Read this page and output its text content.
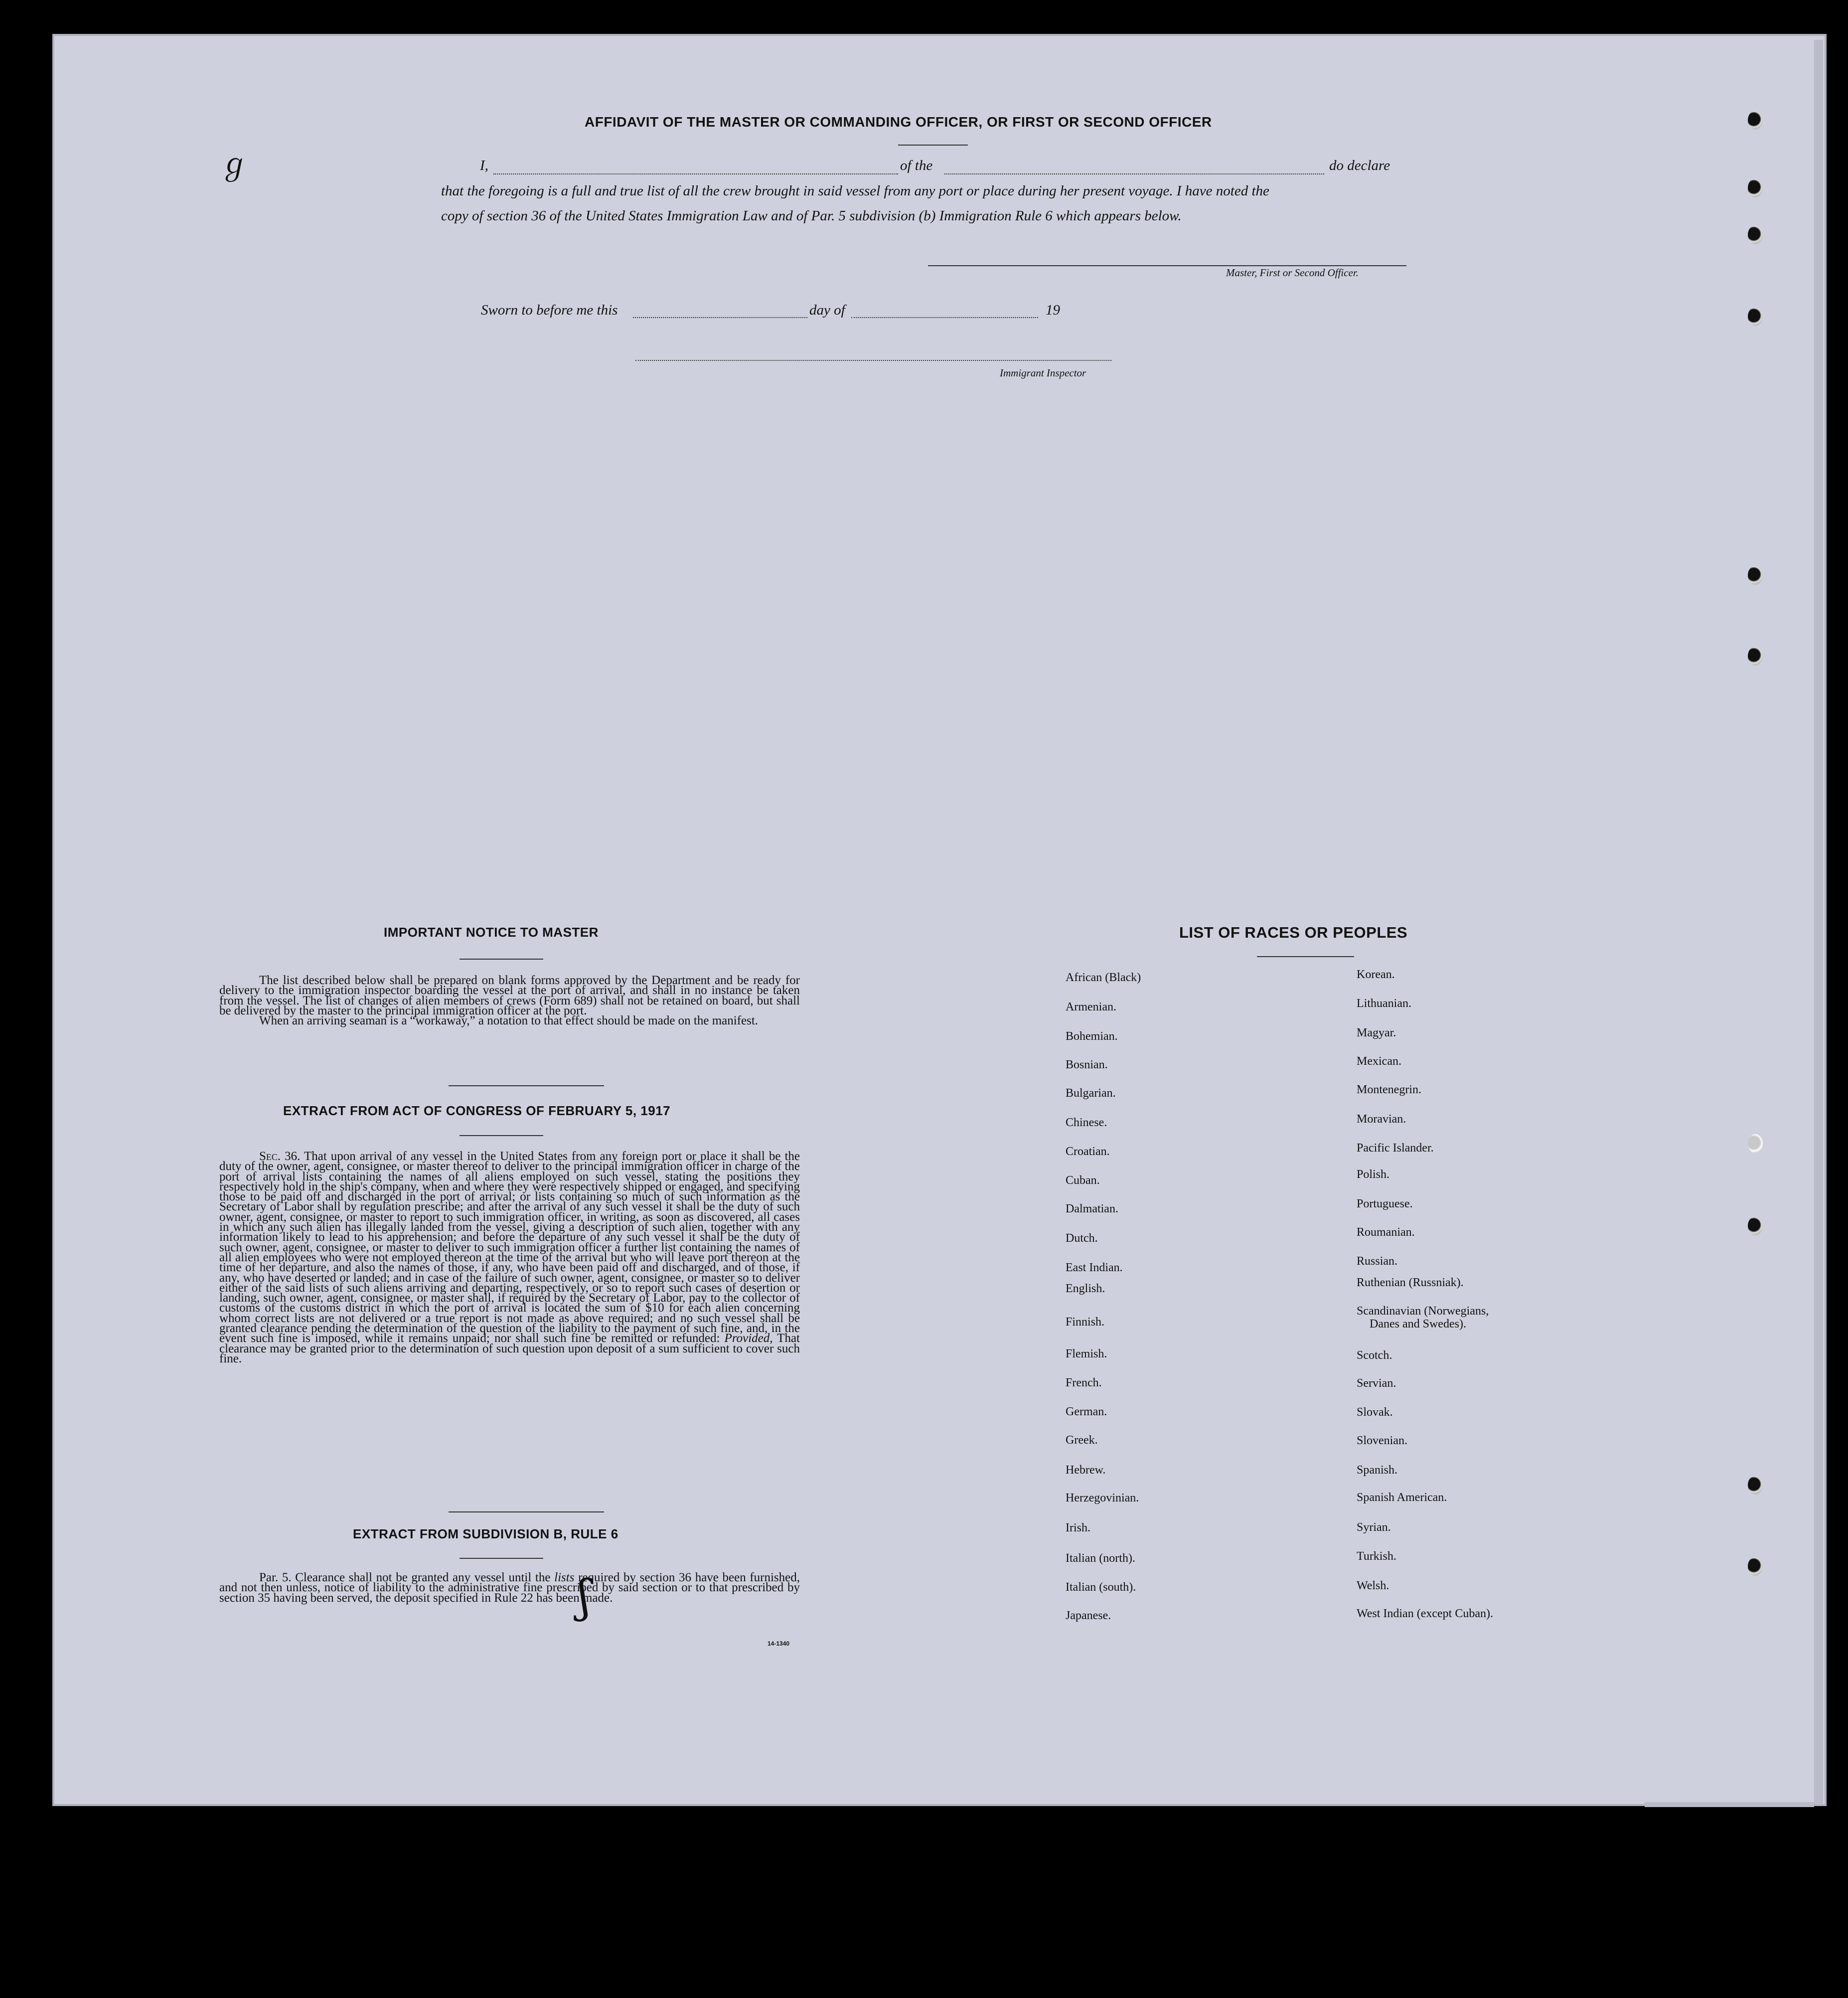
ℊ
AFFIDAVIT OF THE MASTER OR COMMANDING OFFICER, OR FIRST OR SECOND OFFICER
I,	of the	do declare
that the foregoing is a full and true list of all the crew brought in said vessel from any port or place during her present voyage. I have noted the
copy of section 36 of the United States Immigration Law and of Par. 5 subdivision (b) Immigration Rule 6 which appears below.
Master, First or Second Officer.
Sworn to before me this	day of	19
Immigrant Inspector
IMPORTANT NOTICE TO MASTER

The list described below shall be prepared on blank forms approved by the Department and be ready for delivery to the immigration inspector boarding the vessel at the port of arrival, and shall in no instance be taken from the vessel. The list of changes of alien members of crews (Form 689) shall not be retained on board, but shall be delivered by the master to the principal immigration officer at the port.

When an arriving seaman is a “workaway,” a notation to that effect should be made on the manifest.

EXTRACT FROM ACT OF CONGRESS OF FEBRUARY 5, 1917

Sec. 36. That upon arrival of any vessel in the United States from any foreign port or place it shall be the duty of the owner, agent, consignee, or master thereof to deliver to the principal immigration officer in charge of the port of arrival lists containing the names of all aliens employed on such vessel, stating the positions they respectively hold in the ship's company, when and where they were respectively shipped or engaged, and specifying those to be paid off and discharged in the port of arrival; or lists containing so much of such information as the Secretary of Labor shall by regulation prescribe; and after the arrival of any such vessel it shall be the duty of such owner, agent, consignee, or master to report to such immigration officer, in writing, as soon as discovered, all cases in which any such alien has illegally landed from the vessel, giving a description of such alien, together with any information likely to lead to his apprehension; and before the departure of any such vessel it shall be the duty of such owner, agent, consignee, or master to deliver to such immigration officer a further list containing the names of all alien employees who were not employed thereon at the time of the arrival but who will leave port thereon at the time of her departure, and also the names of those, if any, who have been paid off and discharged, and of those, if any, who have deserted or landed; and in case of the failure of such owner, agent, consignee, or master so to deliver either of the said lists of such aliens arriving and departing, respectively, or so to report such cases of desertion or landing, such owner, agent, consignee, or master shall, if required by the Secretary of Labor, pay to the collector of customs of the customs district in which the port of arrival is located the sum of $10 for each alien concerning whom correct lists are not delivered or a true report is not made as above required; and no such vessel shall be granted clearance pending the determination of the question of the liability to the payment of such fine, and, in the event such fine is imposed, while it remains unpaid; nor shall such fine be remitted or refunded: Provided, That clearance may be granted prior to the determination of such question upon deposit of a sum sufficient to cover such fine.

EXTRACT FROM SUBDIVISION B, RULE 6

Par. 5. Clearance shall not be granted any vessel until the lists required by section 36 have been furnished, and not then unless, notice of liability to the administrative fine prescribed by said section or to that prescribed by section 35 having been served, the deposit specified in Rule 22 has been made.

14-1340
ʃ
LIST OF RACES OR PEOPLES
African (Black)
Armenian.
Bohemian.
Bosnian.
Bulgarian.
Chinese.
Croatian.
Cuban.
Dalmatian.
Dutch.
East Indian.
English.
Finnish.
Flemish.
French.
German.
Greek.
Hebrew.
Herzegovinian.
Irish.
Italian (north).
Italian (south).
Japanese.
Korean.
Lithuanian.
Magyar.
Mexican.
Montenegrin.
Moravian.
Pacific Islander.
Polish.
Portuguese.
Roumanian.
Russian.
Ruthenian (Russniak).
Scandinavian (Norwegians,
Scotch.
Servian.
Slovak.
Slovenian.
Spanish.
Spanish American.
Syrian.
Turkish.
Welsh.
West Indian (except Cuban).
Danes and Swedes).
